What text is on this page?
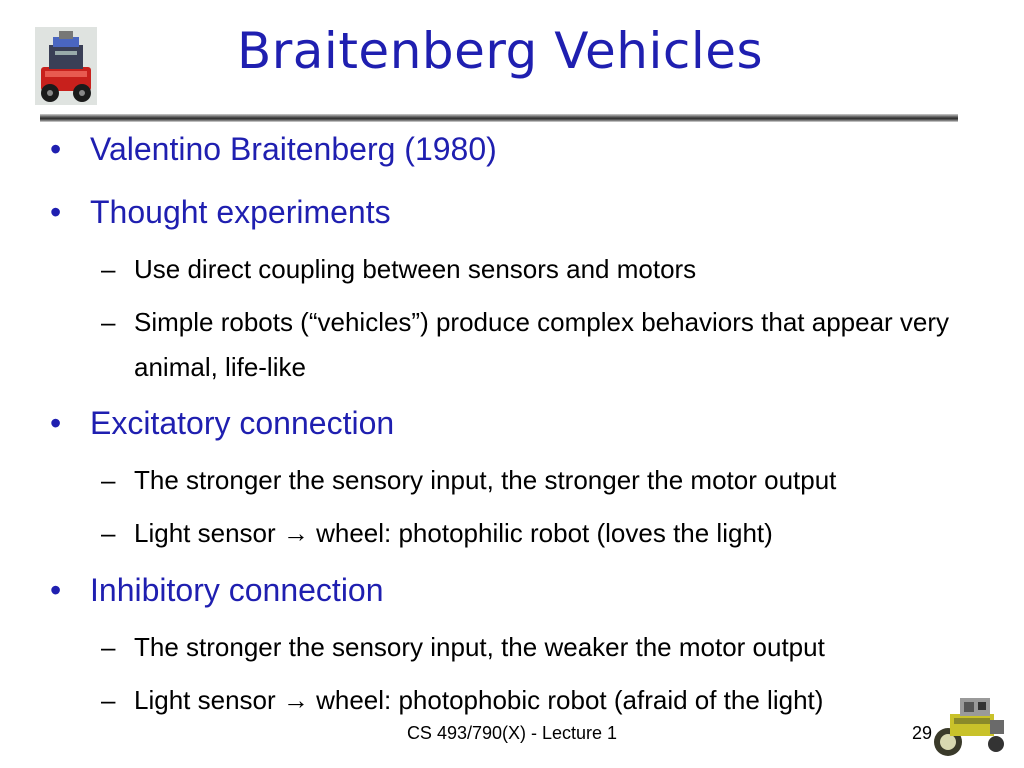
Braitenberg Vehicles

• Valentino Braitenberg (1980)

• Thought experiments

– Use direct coupling between sensors and motors
– Simple robots (“vehicles”) produce complex behaviors that appear very animal, life-like

• Excitatory connection

– The stronger the sensory input, the stronger the motor output
– Light sensor → wheel: photophilic robot (loves the light)

• Inhibitory connection

– The stronger the sensory input, the weaker the motor output
– Light sensor → wheel: photophobic robot (afraid of the light)
CS 493/790(X) - Lecture 1	29
